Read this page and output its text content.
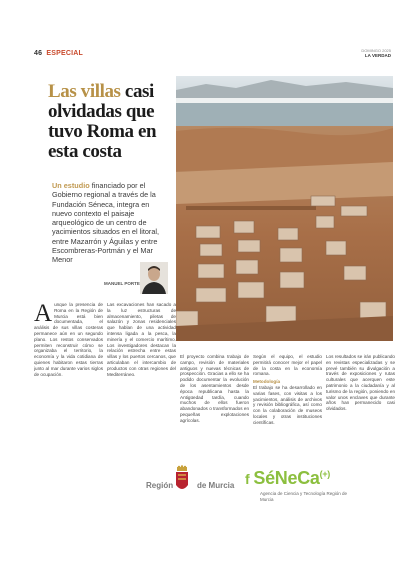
46 ESPECIAL	DOMINGO 2025
LA VERDAD
Las villas casi olvidadas que tuvo Roma en esta costa
Un estudio financiado por el Gobierno regional a través de la Fundación Séneca, integra en nuevo contexto el paisaje arqueológico de un centro de yacimientos situados en el litoral, entre Mazarrón y Águilas y entre Escombreras-Portmán y el Mar Menor
MANUEL PORTE
Aunque la presencia de Roma en la Región de Murcia está bien documentada, el análisis de sus villas costeras permanece aún en un segundo plano. Los restos conservados permiten reconstruir cómo se organizaba el territorio, la economía y la vida cotidiana de quienes habitaron estas tierras junto al mar durante varios siglos de ocupación.
Las excavaciones han sacado a la luz estructuras de almacenamiento, piletas de salazón y zonas residenciales que hablan de una actividad intensa ligada a la pesca, la minería y el comercio marítimo. Los investigadores destacan la relación estrecha entre estas villas y los puertos cercanos, que articulaban el intercambio de productos con otras regiones del Mediterráneo.
El proyecto combina trabajo de campo, revisión de materiales antiguos y nuevas técnicas de prospección. Gracias a ello se ha podido documentar la evolución de los asentamientos desde época republicana hasta la Antigüedad tardía, cuando muchos de ellos fueron abandonados o transformados en pequeñas explotaciones agrícolas.
Según el equipo, el estudio permitirá conocer mejor el papel de la costa en la economía romana.
Metodología
El trabajo se ha desarrollado en varias fases, con visitas a los yacimientos, análisis de archivos y revisión bibliográfica, así como con la colaboración de museos locales y otras instituciones científicas.
Los resultados se irán publicando en revistas especializadas y se prevé también su divulgación a través de exposiciones y rutas culturales que acerquen este patrimonio a la ciudadanía y al turismo de la región, poniendo en valor unos enclaves que durante años han permanecido casi olvidados.
Región	de Murcia f SéNeCa(+)
Agencia de Ciencia y Tecnología Región de Murcia
